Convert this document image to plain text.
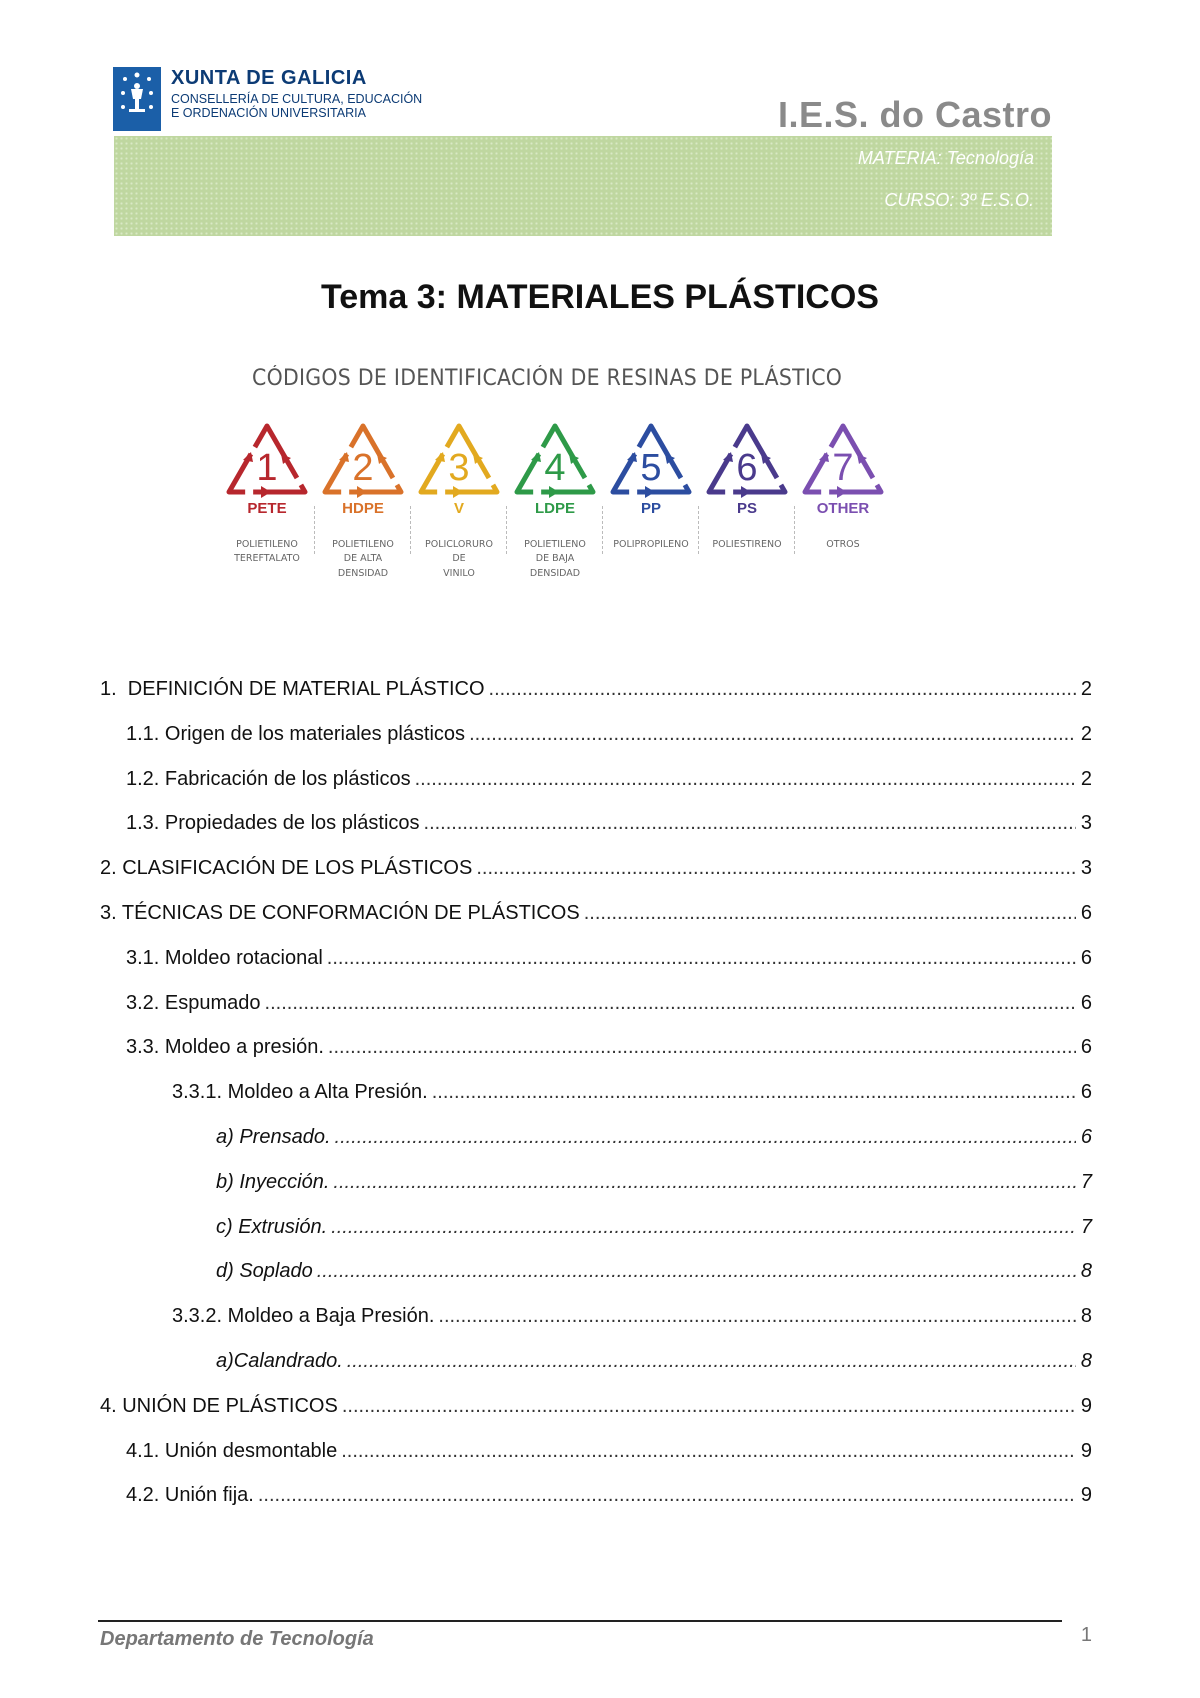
XUNTA DE GALICIA
CONSELLERÍA DE CULTURA, EDUCACIÓN
E ORDENACIÓN UNIVERSITARIA	I.E.S. do Castro
MATERIA: Tecnología
CURSO: 3º E.S.O.
Tema 3: MATERIALES PLÁSTICOS
CÓDIGOS DE IDENTIFICACIÓN DE RESINAS DE PLÁSTICO
1
PETE
POLIETILENO
TEREFTALATO
2
HDPE
POLIETILENO
DE ALTA
DENSIDAD
3
V
POLICLORURO
DE
VINILO
4
LDPE
POLIETILENO
DE BAJA
DENSIDAD
5
PP
POLIPROPILENO
6
PS
POLIESTIRENO
7
OTHER
OTROS
1.  DEFINICIÓN DE MATERIAL PLÁSTICO .....	2
1.1. Origen de los materiales plásticos .....	2
1.2. Fabricación de los plásticos .....	2
1.3. Propiedades de los plásticos .....	3
2. CLASIFICACIÓN DE LOS PLÁSTICOS .....	3
3. TÉCNICAS DE CONFORMACIÓN DE PLÁSTICOS .....	6
3.1. Moldeo rotacional .....	6
3.2. Espumado .....	6
3.3. Moldeo a presión. .....	6
3.3.1. Moldeo a Alta Presión. .....	6
a) Prensado. .....	6
b) Inyección. .....	7
c) Extrusión. .....	7
d) Soplado .....	8
3.3.2. Moldeo a Baja Presión. .....	8
a)Calandrado. .....	8
4. UNIÓN DE PLÁSTICOS .....	9
4.1. Unión desmontable .....	9
4.2. Unión fija. .....	9
Departamento de Tecnología	1
